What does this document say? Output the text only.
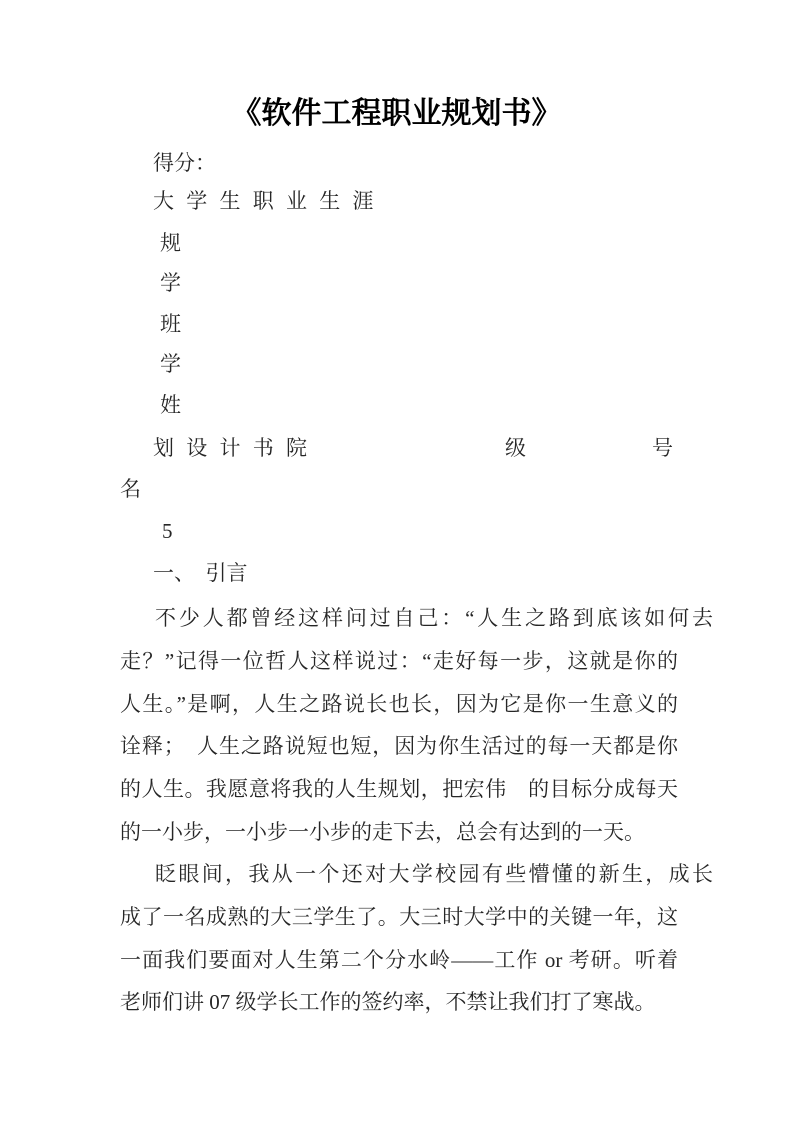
《软件工程职业规划书》
得分：
大 学 生 职 业 生 涯
规
学
班
学
姓

划 设 计 书 院

	级

	号

名
5
一、　引言
不少人都曾经这样问过自己：“人生之路到底该如何去
走？”记得一位哲人这样说过：“走好每一步，这就是你的
人生。”是啊，人生之路说长也长，因为它是你一生意义的
诠释；　人生之路说短也短，因为你生活过的每一天都是你
的人生。我愿意将我的人生规划，把宏伟　的目标分成每天
的一小步，一小步一小步的走下去，总会有达到的一天。
眨眼间，我从一个还对大学校园有些懵懂的新生，成长
成了一名成熟的大三学生了。大三时大学中的关键一年，这
一面我们要面对人生第二个分水岭——工作 or 考研。听着
老师们讲 07 级学长工作的签约率，不禁让我们打了寒战。
